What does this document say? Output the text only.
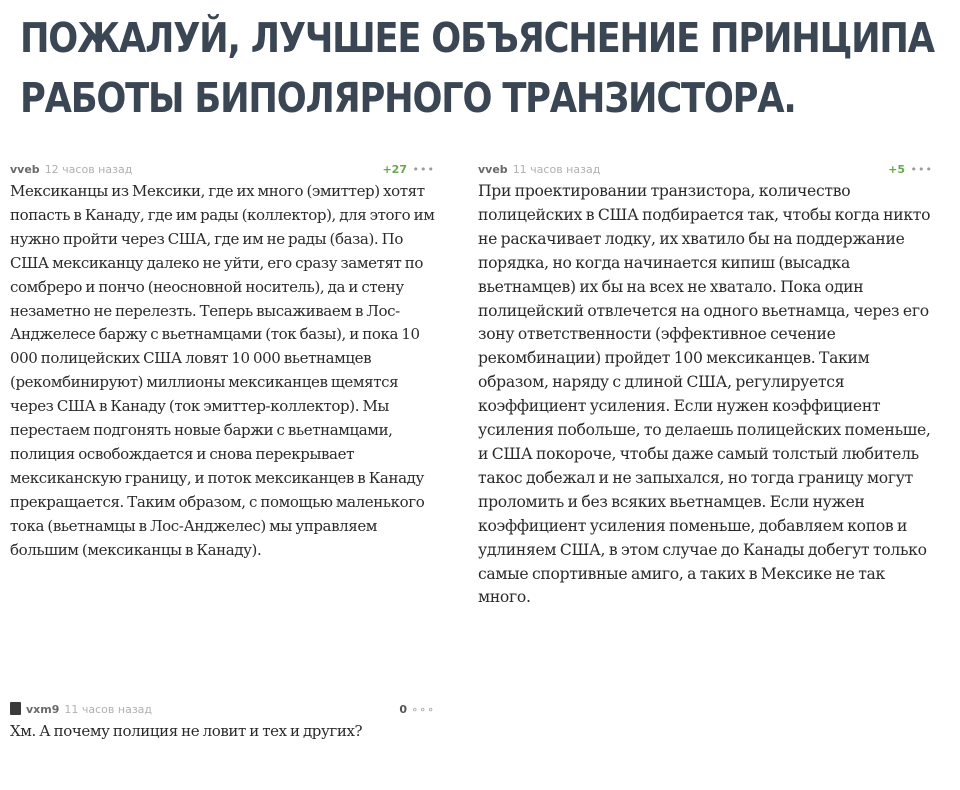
ПОЖАЛУЙ, ЛУЧШЕЕ ОБЪЯСНЕНИЕ ПРИНЦИПА
РАБОТЫ БИПОЛЯРНОГО ТРАНЗИСТОРА.
vveb 12 часов назад	+27 •••
Мексиканцы из Мексики, где их много (эмиттер) хотят попасть в Канаду, где им рады (коллектор), для этого им нужно пройти через США, где им не рады (база). По США мексиканцу далеко не уйти, его сразу заметят по сомбреро и пончо (неосновной носитель), да и стену незаметно не перелезть. Теперь высаживаем в Лос-Анджелесе баржу с вьетнамцами (ток базы), и пока 10 000 полицейских США ловят 10 000 вьетнамцев (рекомбинируют) миллионы мексиканцев щемятся через США в Канаду (ток эмиттер-коллектор). Мы перестаем подгонять новые баржи с вьетнамцами, полиция освобождается и снова перекрывает мексиканскую границу, и поток мексиканцев в Канаду прекращается. Таким образом, с помощью маленького тока (вьетнамцы в Лос-Анджелес) мы управляем большим (мексиканцы в Канаду).
vveb 11 часов назад	+5 •••
При проектировании транзистора, количество полицейских в США подбирается так, чтобы когда никто не раскачивает лодку, их хватило бы на поддержание порядка, но когда начинается кипиш (высадка вьетнамцев) их бы на всех не хватало. Пока один полицейский отвлечется на одного вьетнамца, через его зону ответственности (эффективное сечение рекомбинации) пройдет 100 мексиканцев. Таким образом, наряду с длиной США, регулируется коэффициент усиления. Если нужен коэффициент усиления побольше, то делаешь полицейских поменьше, и США покороче, чтобы даже самый толстый любитель такос добежал и не запыхался, но тогда границу могут проломить и без всяких вьетнамцев. Если нужен коэффициент усиления поменьше, добавляем копов и удлиняем США, в этом случае до Канады добегут только самые спортивные амиго, а таких в Мексике не так много.
vxm9 11 часов назад	0 ∘∘∘
Хм. А почему полиция не ловит и тех и других?
